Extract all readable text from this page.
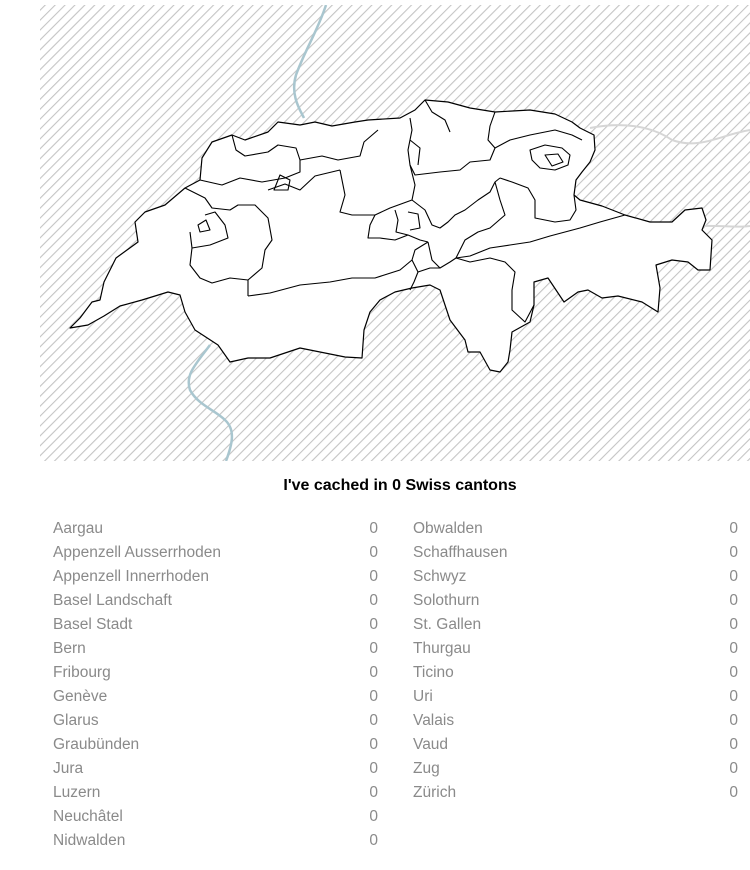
I've cached in 0 Swiss cantons
Aargau	0
Appenzell Ausserrhoden	0
Appenzell Innerrhoden	0
Basel Landschaft	0
Basel Stadt	0
Bern	0
Fribourg	0
Genève	0
Glarus	0
Graubünden	0
Jura	0
Luzern	0
Neuchâtel	0
Nidwalden	0
Obwalden	0
Schaffhausen	0
Schwyz	0
Solothurn	0
St. Gallen	0
Thurgau	0
Ticino	0
Uri	0
Valais	0
Vaud	0
Zug	0
Zürich	0
